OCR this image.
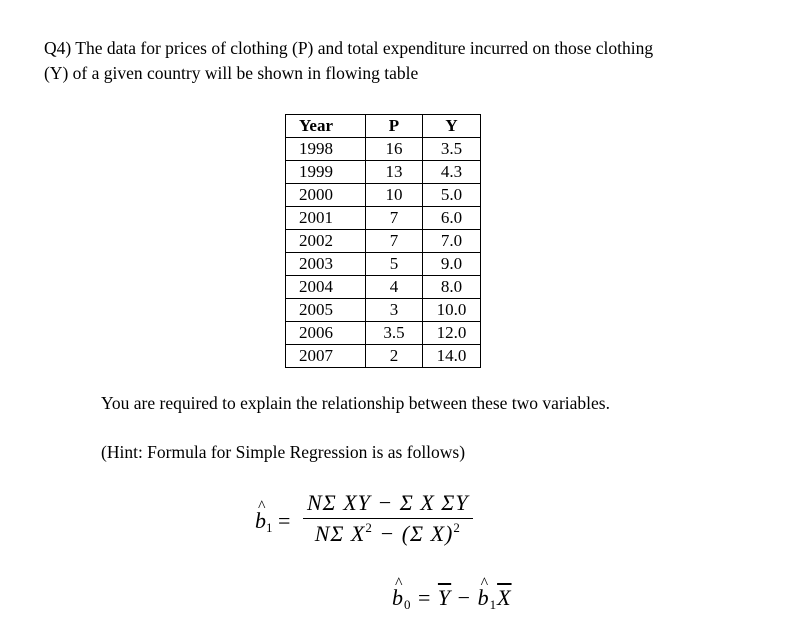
Q4) The data for prices of clothing (P) and total expenditure incurred on those clothing
(Y) of a given country will be shown in flowing table
Year	P	Y
1998	16	3.5
1999	13	4.3
2000	10	5.0
2001	7	6.0
2002	7	7.0
2003	5	9.0
2004	4	8.0
2005	3	10.0
2006	3.5	12.0
2007	2	14.0
You are required to explain the relationship between these two variables.
(Hint: Formula for Simple Regression is as follows)
^ $b_1 = \frac{\text{NΣ XY − Σ X ΣY}}{N\Sigma X^2 - (\Sigma X)^2}$
^ $b_0 = \overline{Y}$ − ^ $b_1\overline{X}$
